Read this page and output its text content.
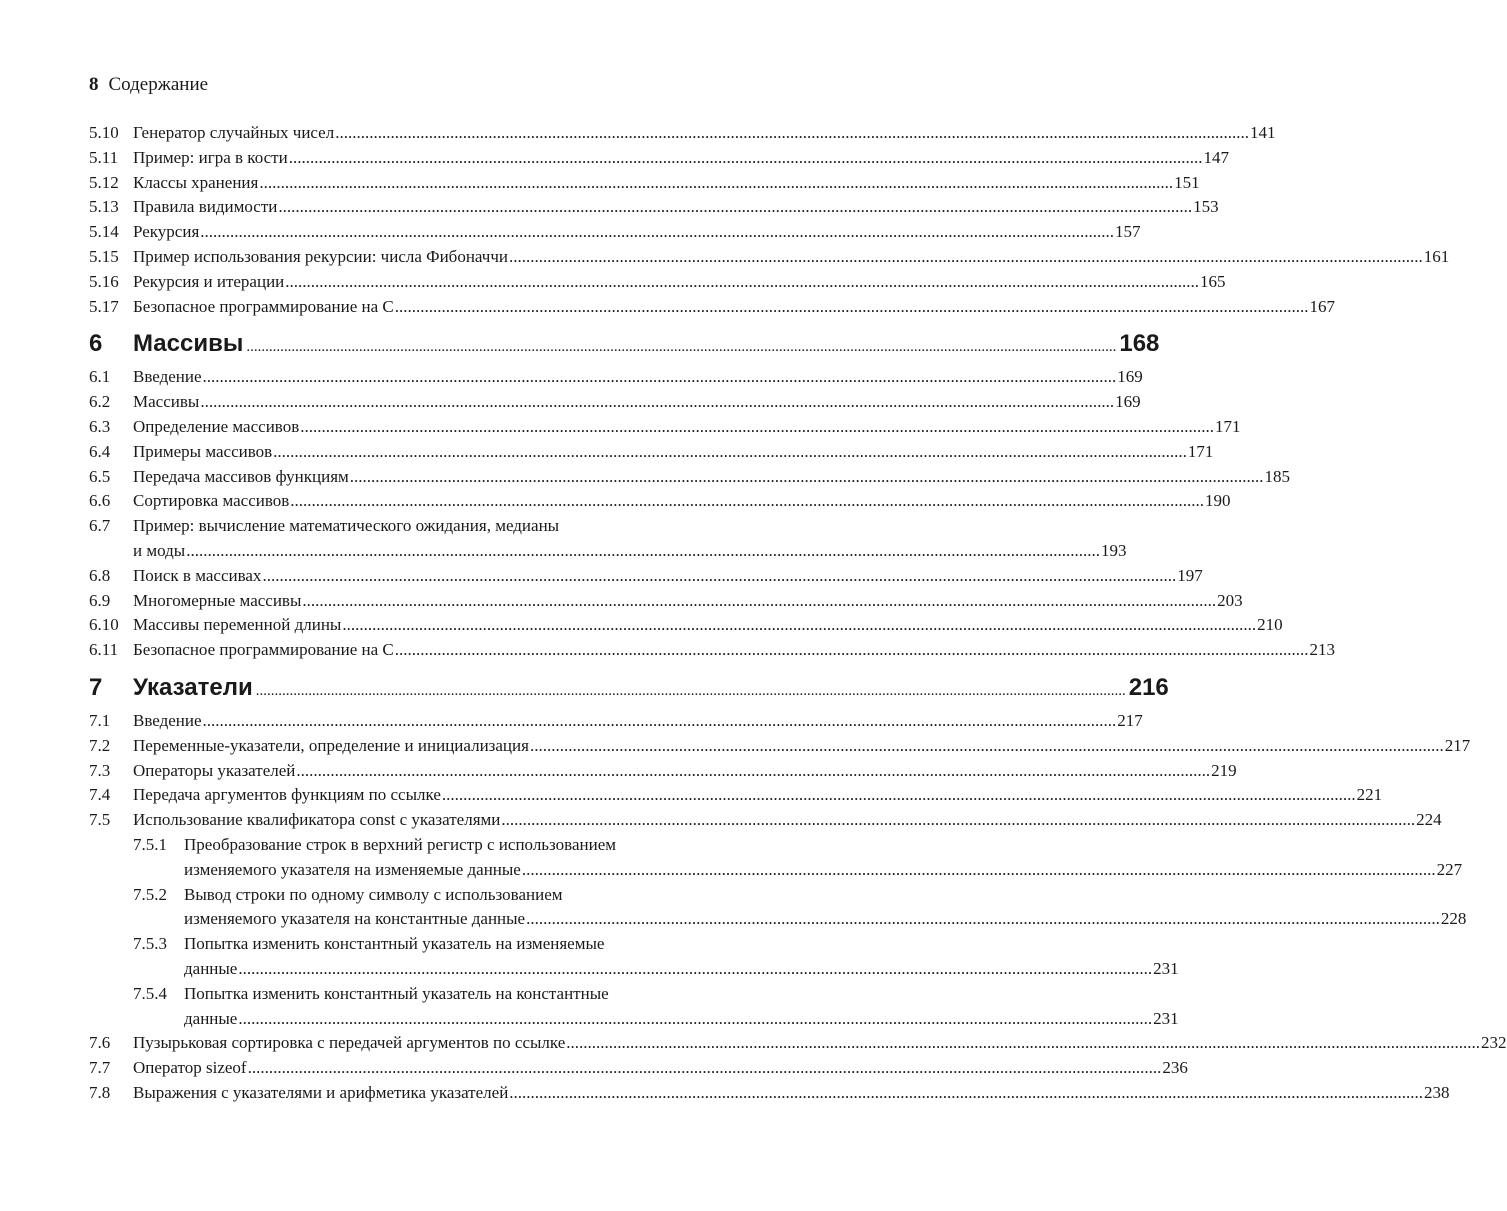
8 Содержание
5.10 Генератор случайных чисел .....	141
5.11 Пример: игра в кости .....	147
5.12 Классы хранения .....	151
5.13 Правила видимости .....	153
5.14 Рекурсия .....	157
5.15 Пример использования рекурсии: числа Фибоначчи .....	161
5.16 Рекурсия и итерации .....	165
5.17 Безопасное программирование на C .....	167
6	Массивы .....	168
6.1	Введение .....	169
6.2	Массивы .....	169
6.3	Определение массивов .....	171
6.4	Примеры массивов .....	171
6.5	Передача массивов функциям .....	185
6.6	Сортировка массивов .....	190
6.7 Пример: вычисление математического ожидания, медианы
и моды .....	193
6.8	Поиск в массивах .....	197
6.9	Многомерные массивы .....	203
6.10 Массивы переменной длины .....	210
6.11 Безопасное программирование на C .....	213
7	Указатели .....	216
7.1	Введение .....	217
7.2	Переменные-указатели, определение и инициализация .....	217
7.3	Операторы указателей .....	219
7.4	Передача аргументов функциям по ссылке .....	221
7.5	Использование квалификатора const с указателями .....	224
7.5.1 Преобразование строк в верхний регистр с использованием
изменяемого указателя на изменяемые данные .....	227
7.5.2 Вывод строки по одному символу с использованием
изменяемого указателя на константные данные .....	228
7.5.3 Попытка изменить константный указатель на изменяемые
данные .....	231
7.5.4 Попытка изменить константный указатель на константные
данные .....	231
7.6	Пузырьковая сортировка с передачей аргументов по ссылке .....	232
7.7	Оператор sizeof .....	236
7.8	Выражения с указателями и арифметика указателей .....	238
